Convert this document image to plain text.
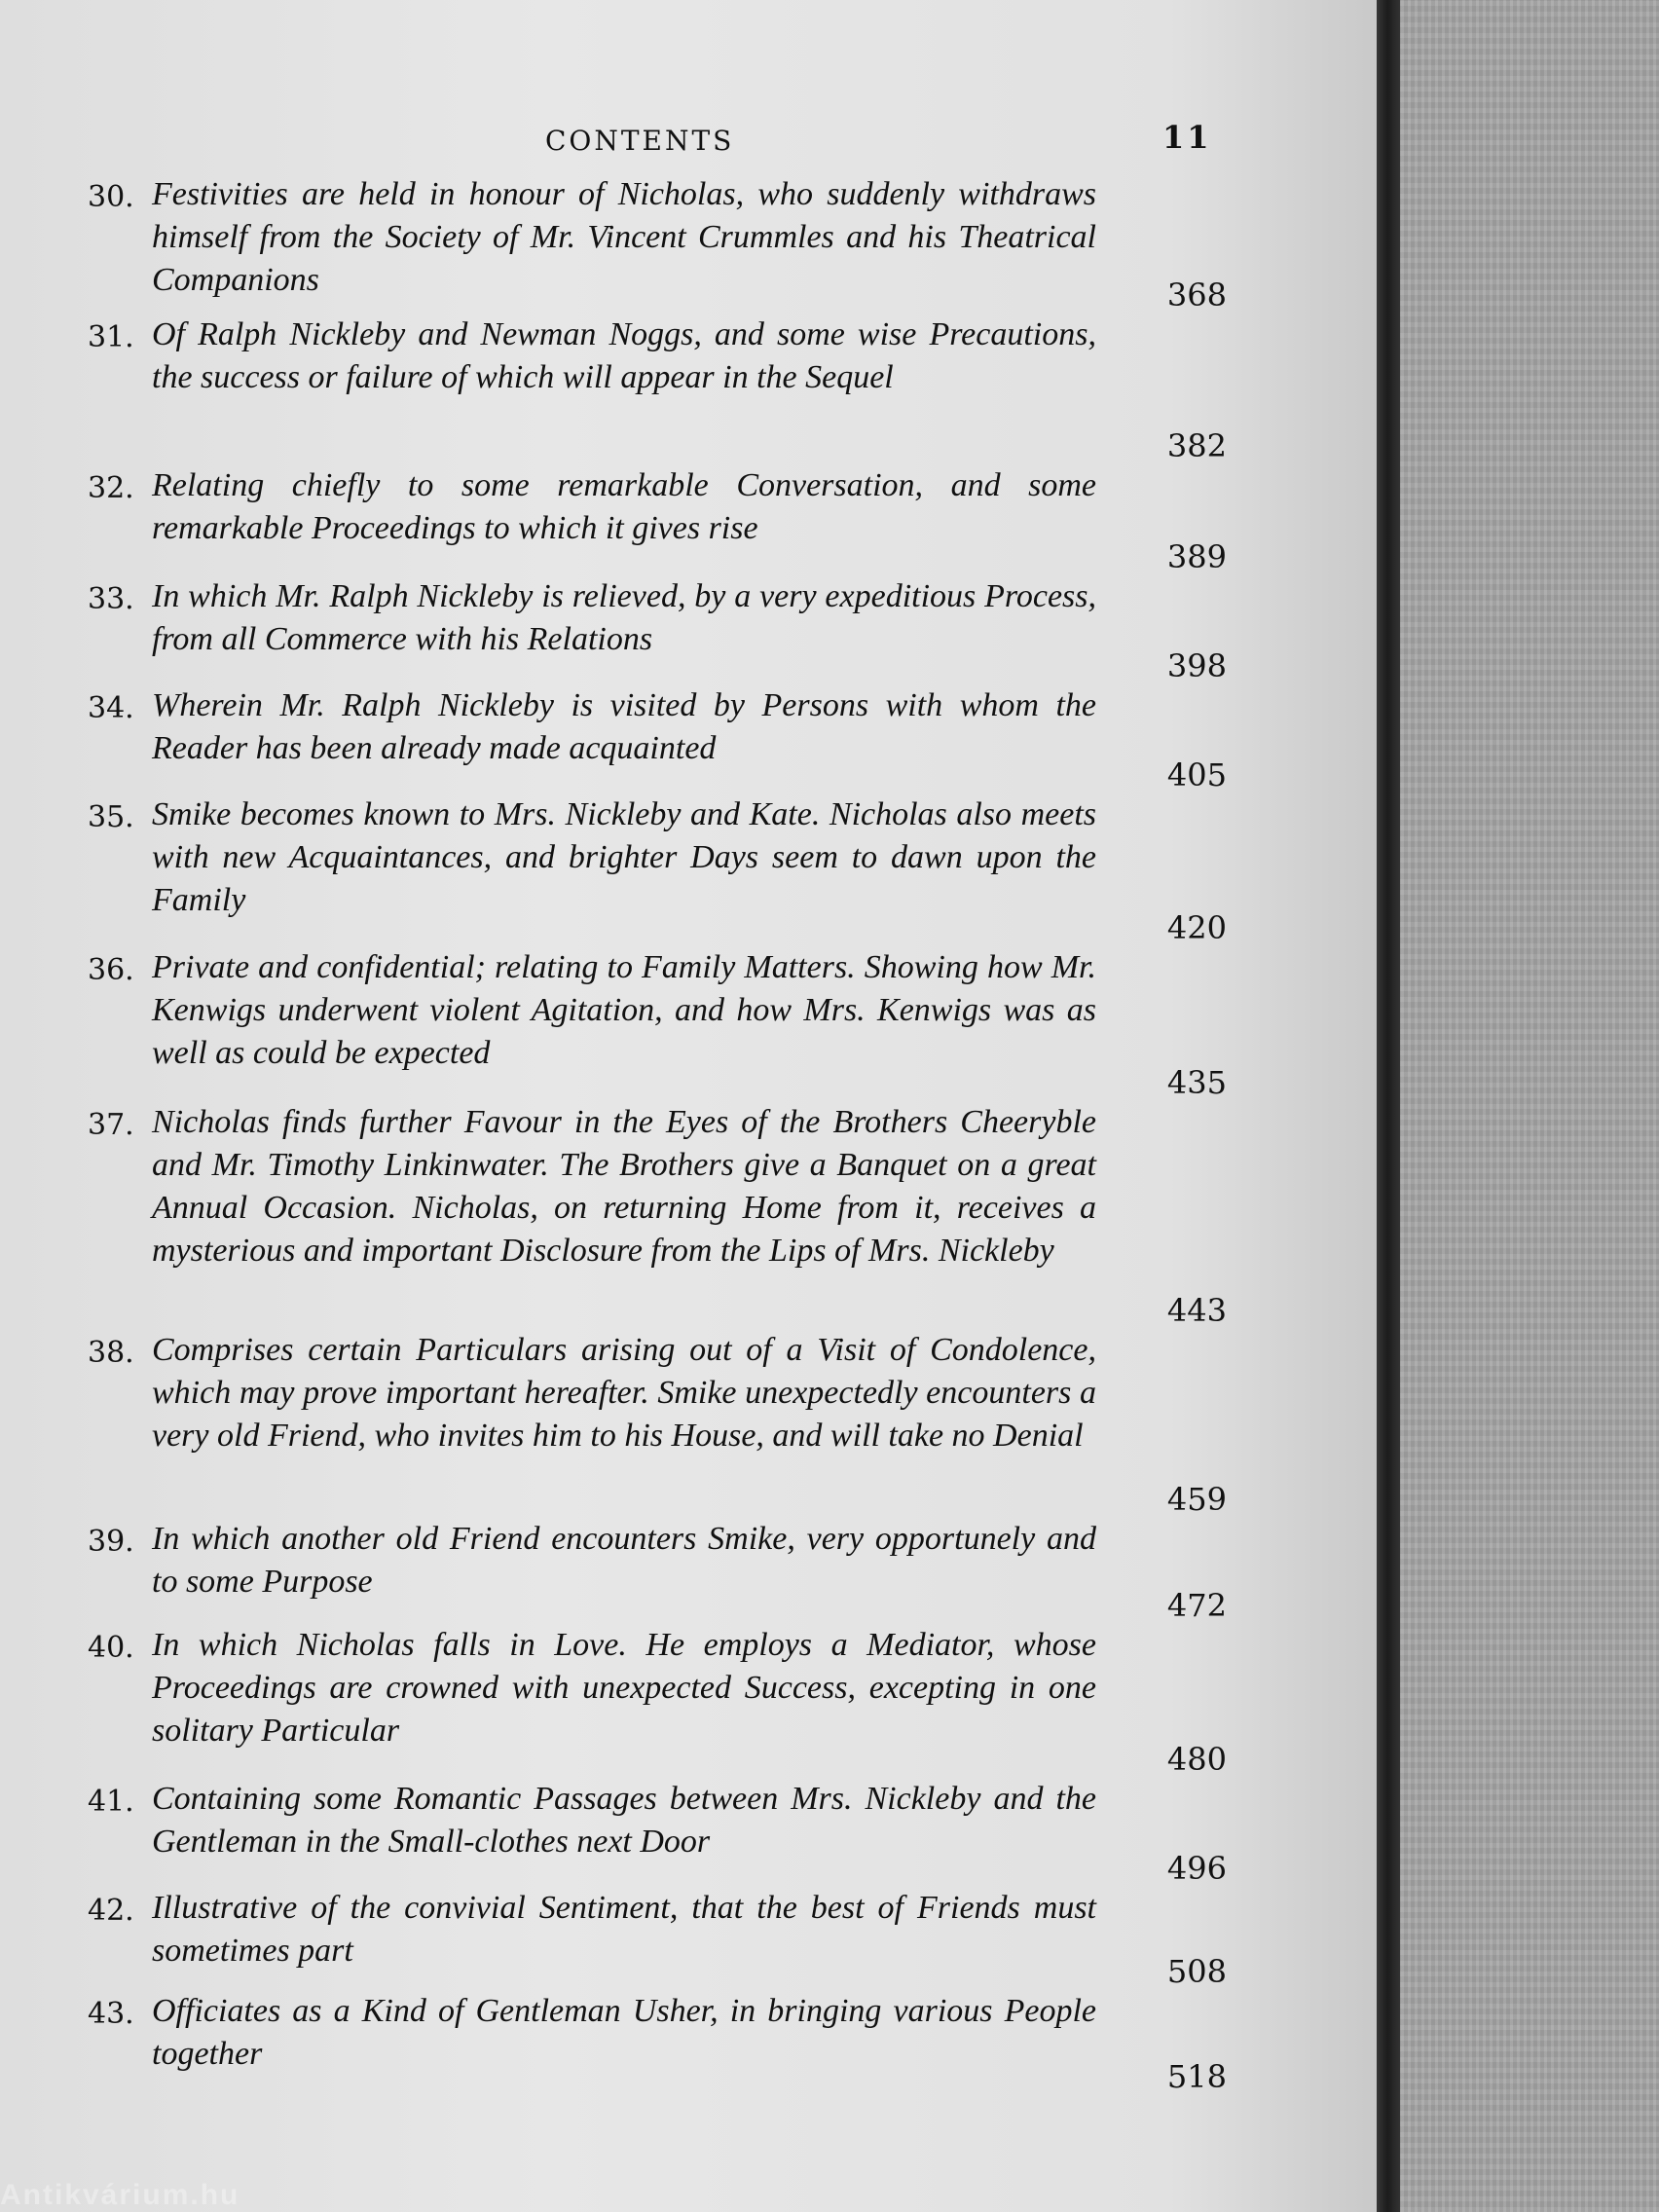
CONTENTS	11
30. Festivities are held in honour of Nicholas, who suddenly withdraws himself from the Society of Mr. Vincent Crummles and his Theatrical Companions	368
31. Of Ralph Nickleby and Newman Noggs, and some wise Precautions, the success or failure of which will appear in the Sequel
382
32. Relating chiefly to some remarkable Conversation, and some remarkable Proceedings to which it gives rise
389
33. In which Mr. Ralph Nickleby is relieved, by a very expeditious Process, from all Commerce with his Relations
398
34. Wherein Mr. Ralph Nickleby is visited by Persons with whom the Reader has been already made acquainted
405
35. Smike becomes known to Mrs. Nickleby and Kate. Nicholas also meets with new Acquaintances, and brighter Days seem to dawn upon the Family
420
36. Private and confidential; relating to Family Matters. Showing how Mr. Kenwigs underwent violent Agitation, and how Mrs. Kenwigs was as well as could be expected
435
37. Nicholas finds further Favour in the Eyes of the Brothers Cheeryble and Mr. Timothy Linkinwater. The Brothers give a Banquet on a great Annual Occasion. Nicholas, on returning Home from it, receives a mysterious and important Disclosure from the Lips of Mrs. Nickleby
443
38. Comprises certain Particulars arising out of a Visit of Condolence, which may prove important hereafter. Smike unexpectedly encounters a very old Friend, who invites him to his House, and will take no Denial
459
39. In which another old Friend encounters Smike, very opportunely and to some Purpose
472
40. In which Nicholas falls in Love. He employs a Mediator, whose Proceedings are crowned with unexpected Success, excepting in one solitary Particular
480
41. Containing some Romantic Passages between Mrs. Nickleby and the Gentleman in the Small-clothes next Door
496
42. Illustrative of the convivial Sentiment, that the best of Friends must sometimes part
508
43. Officiates as a Kind of Gentleman Usher, in bringing various People together
518
Antikvárium.hu
